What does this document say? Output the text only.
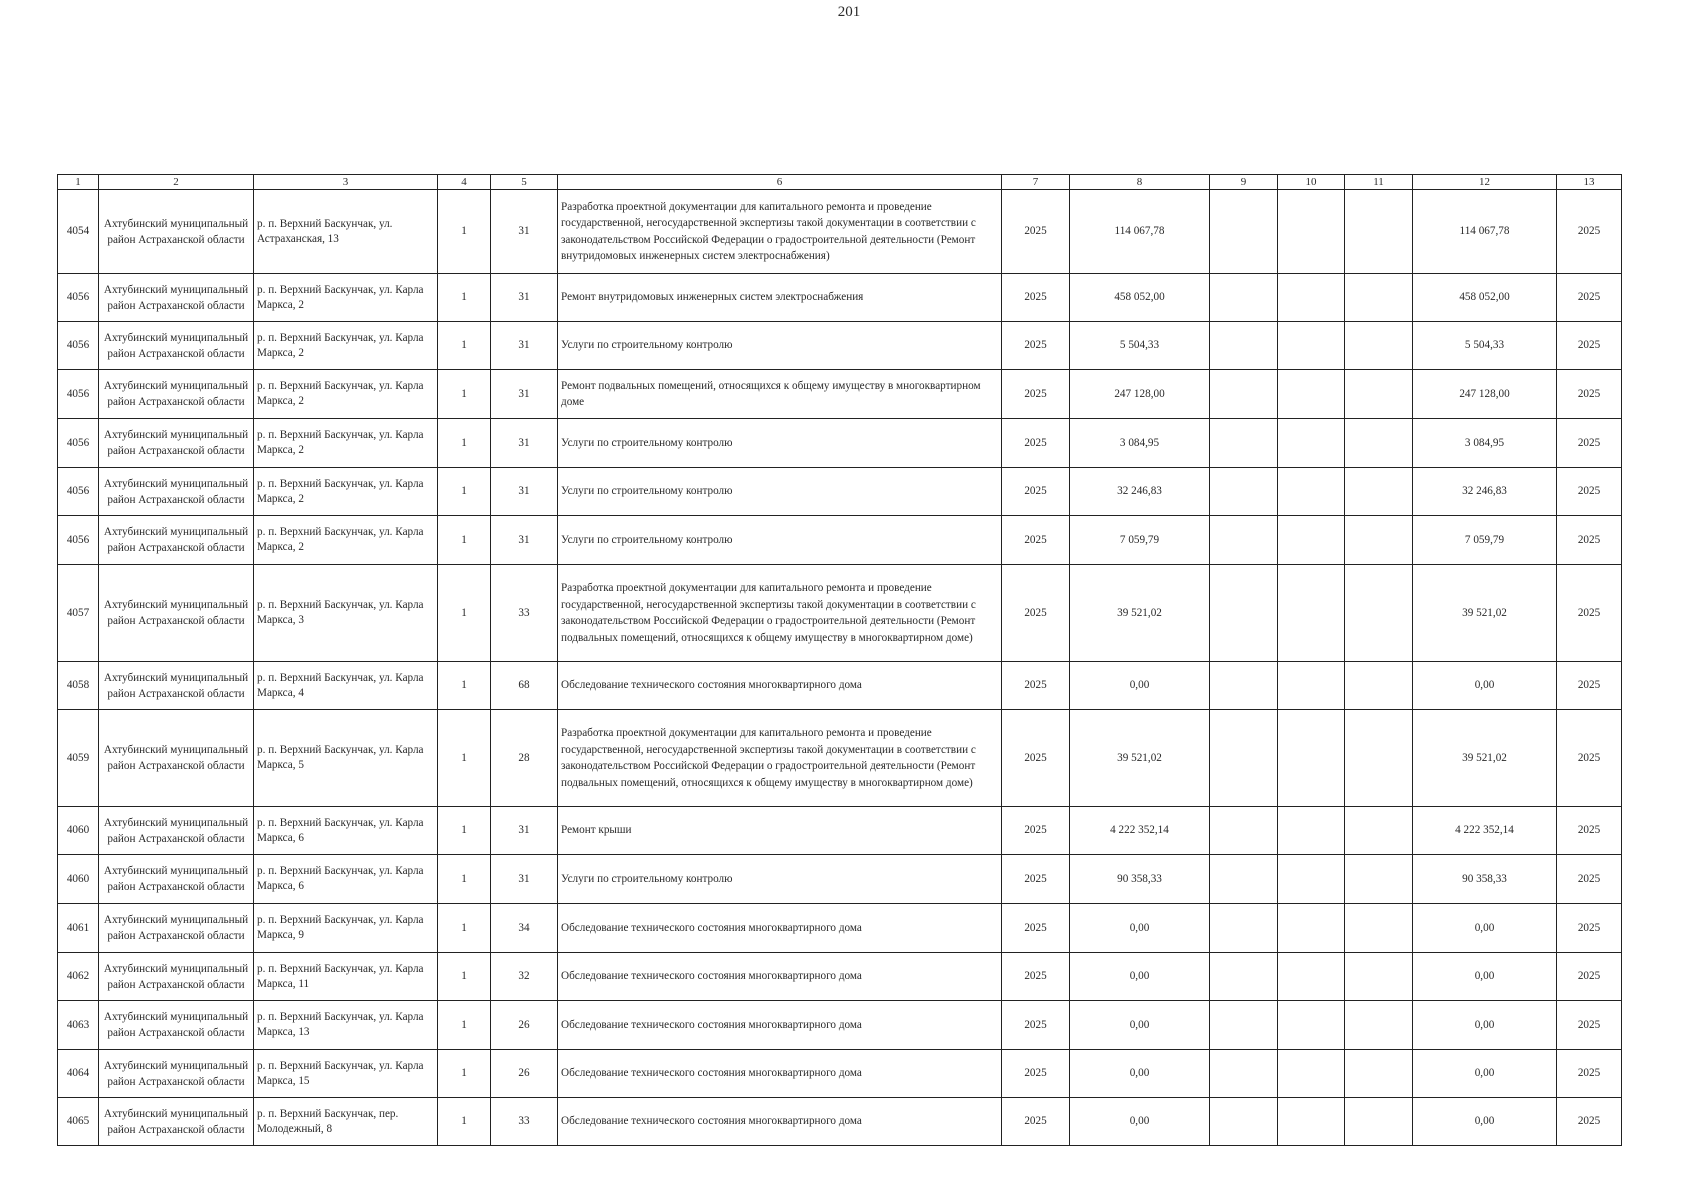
201
1	2	3	4	5	6	7	8	9	10	11	12	13
4054	Ахтубинский муниципальный район Астраханской области	р. п. Верхний Баскунчак, ул. Астраханская, 13	1	31	Разработка проектной документации для капитального ремонта и проведение государственной, негосударственной экспертизы такой документации в соответствии с законодательством Российской Федерации о градостроительной деятельности (Ремонт внутридомовых инженерных систем электроснабжения)	2025	114 067,78				114 067,78	2025
4056	Ахтубинский муниципальный район Астраханской области	р. п. Верхний Баскунчак, ул. Карла Маркса, 2	1	31	Ремонт внутридомовых инженерных систем электроснабжения	2025	458 052,00				458 052,00	2025
4056	Ахтубинский муниципальный район Астраханской области	р. п. Верхний Баскунчак, ул. Карла Маркса, 2	1	31	Услуги по строительному контролю	2025	5 504,33				5 504,33	2025
4056	Ахтубинский муниципальный район Астраханской области	р. п. Верхний Баскунчак, ул. Карла Маркса, 2	1	31	Ремонт подвальных помещений, относящихся к общему имуществу в многоквартирном доме	2025	247 128,00				247 128,00	2025
4056	Ахтубинский муниципальный район Астраханской области	р. п. Верхний Баскунчак, ул. Карла Маркса, 2	1	31	Услуги по строительному контролю	2025	3 084,95				3 084,95	2025
4056	Ахтубинский муниципальный район Астраханской области	р. п. Верхний Баскунчак, ул. Карла Маркса, 2	1	31	Услуги по строительному контролю	2025	32 246,83				32 246,83	2025
4056	Ахтубинский муниципальный район Астраханской области	р. п. Верхний Баскунчак, ул. Карла Маркса, 2	1	31	Услуги по строительному контролю	2025	7 059,79				7 059,79	2025
4057	Ахтубинский муниципальный район Астраханской области	р. п. Верхний Баскунчак, ул. Карла Маркса, 3	1	33	Разработка проектной документации для капитального ремонта и проведение государственной, негосударственной экспертизы такой документации в соответствии с законодательством Российской Федерации о градостроительной деятельности (Ремонт подвальных помещений, относящихся к общему имуществу в многоквартирном доме)	2025	39 521,02				39 521,02	2025
4058	Ахтубинский муниципальный район Астраханской области	р. п. Верхний Баскунчак, ул. Карла Маркса, 4	1	68	Обследование технического состояния многоквартирного дома	2025	0,00				0,00	2025
4059	Ахтубинский муниципальный район Астраханской области	р. п. Верхний Баскунчак, ул. Карла Маркса, 5	1	28	Разработка проектной документации для капитального ремонта и проведение государственной, негосударственной экспертизы такой документации в соответствии с законодательством Российской Федерации о градостроительной деятельности (Ремонт подвальных помещений, относящихся к общему имуществу в многоквартирном доме)	2025	39 521,02				39 521,02	2025
4060	Ахтубинский муниципальный район Астраханской области	р. п. Верхний Баскунчак, ул. Карла Маркса, 6	1	31	Ремонт крыши	2025	4 222 352,14				4 222 352,14	2025
4060	Ахтубинский муниципальный район Астраханской области	р. п. Верхний Баскунчак, ул. Карла Маркса, 6	1	31	Услуги по строительному контролю	2025	90 358,33				90 358,33	2025
4061	Ахтубинский муниципальный район Астраханской области	р. п. Верхний Баскунчак, ул. Карла Маркса, 9	1	34	Обследование технического состояния многоквартирного дома	2025	0,00				0,00	2025
4062	Ахтубинский муниципальный район Астраханской области	р. п. Верхний Баскунчак, ул. Карла Маркса, 11	1	32	Обследование технического состояния многоквартирного дома	2025	0,00				0,00	2025
4063	Ахтубинский муниципальный район Астраханской области	р. п. Верхний Баскунчак, ул. Карла Маркса, 13	1	26	Обследование технического состояния многоквартирного дома	2025	0,00				0,00	2025
4064	Ахтубинский муниципальный район Астраханской области	р. п. Верхний Баскунчак, ул. Карла Маркса, 15	1	26	Обследование технического состояния многоквартирного дома	2025	0,00				0,00	2025
4065	Ахтубинский муниципальный район Астраханской области	р. п. Верхний Баскунчак, пер. Молодежный, 8	1	33	Обследование технического состояния многоквартирного дома	2025	0,00				0,00	2025
